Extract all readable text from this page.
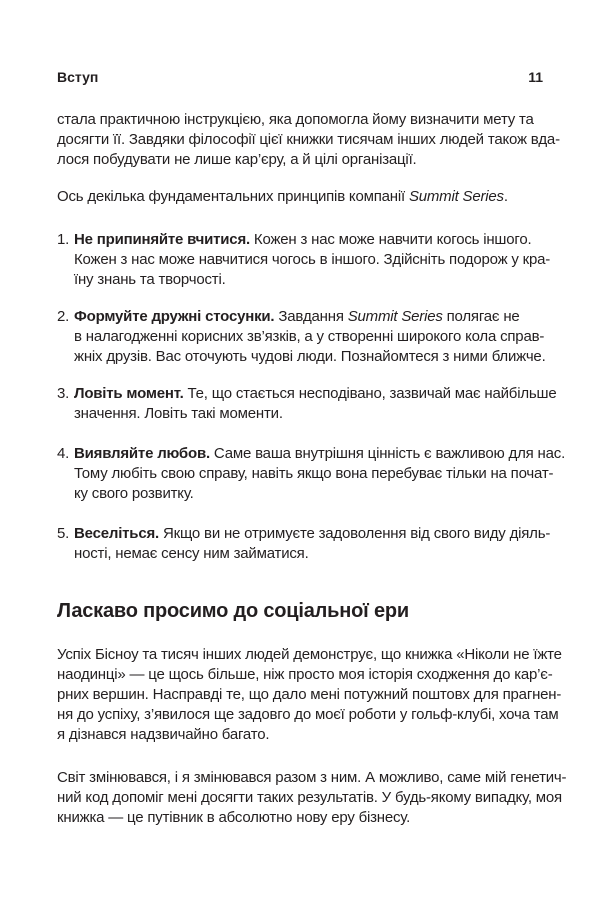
Вступ	11
стала практичною інструкцією, яка допомогла йому визначити мету та
досягти її. Завдяки філософії цієї книжки тисячам інших людей також вда-
лося побудувати не лише кар’єру, а й цілі організації.
Ось декілька фундаментальних принципів компанії Summit Series.
1. Не припиняйте вчитися. Кожен з нас може навчити когось іншого.
Кожен з нас може навчитися чогось в іншого. Здійсніть подорож у кра-
їну знань та творчості.
2. Формуйте дружні стосунки. Завдання Summit Series полягає не
в налагодженні корисних зв’язків, а у створенні широкого кола справ-
жніх друзів. Вас оточують чудові люди. Познайомтеся з ними ближче.
3. Ловіть момент. Те, що стається несподівано, зазвичай має найбільше
значення. Ловіть такі моменти.
4. Виявляйте любов. Саме ваша внутрішня цінність є важливою для нас.
Тому любіть свою справу, навіть якщо вона перебуває тільки на почат-
ку свого розвитку.
5. Веселіться. Якщо ви не отримуєте задоволення від свого виду діяль-
ності, немає сенсу ним займатися.
Ласкаво просимо до соціальної ери
Успіх Бісноу та тисяч інших людей демонструє, що книжка «Ніколи не їжте
наодинці» — це щось більше, ніж просто моя історія сходження до кар’є-
рних вершин. Насправді те, що дало мені потужний поштовх для прагнен-
ня до успіху, з’явилося ще задовго до моєї роботи у гольф-клубі, хоча там
я дізнався надзвичайно багато.
Світ змінювався, і я змінювався разом з ним. А можливо, саме мій генетич-
ний код допоміг мені досягти таких результатів. У будь-якому випадку, моя
книжка — це путівник в абсолютно нову еру бізнесу.
